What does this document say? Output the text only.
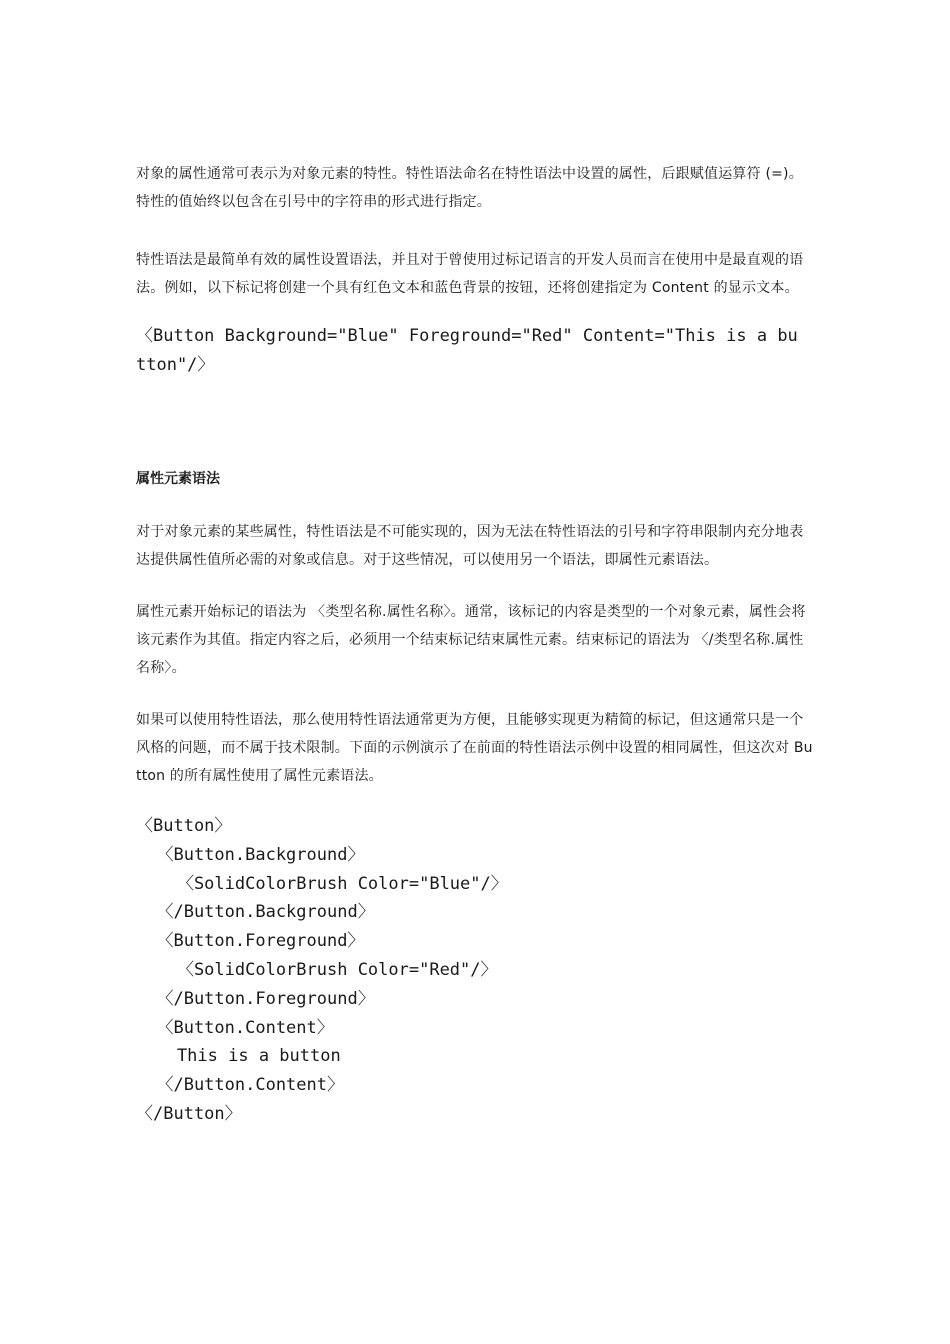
对象的属性通常可表示为对象元素的特性。特性语法命名在特性语法中设置的属性，后跟赋值运算符 (=)。特性的值始终以包含在引号中的字符串的形式进行指定。

特性语法是最简单有效的属性设置语法，并且对于曾使用过标记语言的开发人员而言在使用中是最直观的语法。例如，以下标记将创建一个具有红色文本和蓝色背景的按钮，还将创建指定为 Content 的显示文本。

〈Button Background="Blue" Foreground="Red" Content="This is a button"/〉
属性元素语法

对于对象元素的某些属性，特性语法是不可能实现的，因为无法在特性语法的引号和字符串限制内充分地表达提供属性值所必需的对象或信息。对于这些情况，可以使用另一个语法，即属性元素语法。

属性元素开始标记的语法为 〈类型名称.属性名称〉。通常，该标记的内容是类型的一个对象元素，属性会将该元素作为其值。指定内容之后，必须用一个结束标记结束属性元素。结束标记的语法为 〈/类型名称.属性名称〉。

如果可以使用特性语法，那么使用特性语法通常更为方便，且能够实现更为精简的标记，但这通常只是一个风格的问题，而不属于技术限制。下面的示例演示了在前面的特性语法示例中设置的相同属性，但这次对 Button 的所有属性使用了属性元素语法。

〈Button〉
〈Button.Background〉
〈SolidColorBrush Color="Blue"/〉
〈/Button.Background〉
〈Button.Foreground〉
〈SolidColorBrush Color="Red"/〉
〈/Button.Foreground〉
〈Button.Content〉
This is a button
〈/Button.Content〉
〈/Button〉
